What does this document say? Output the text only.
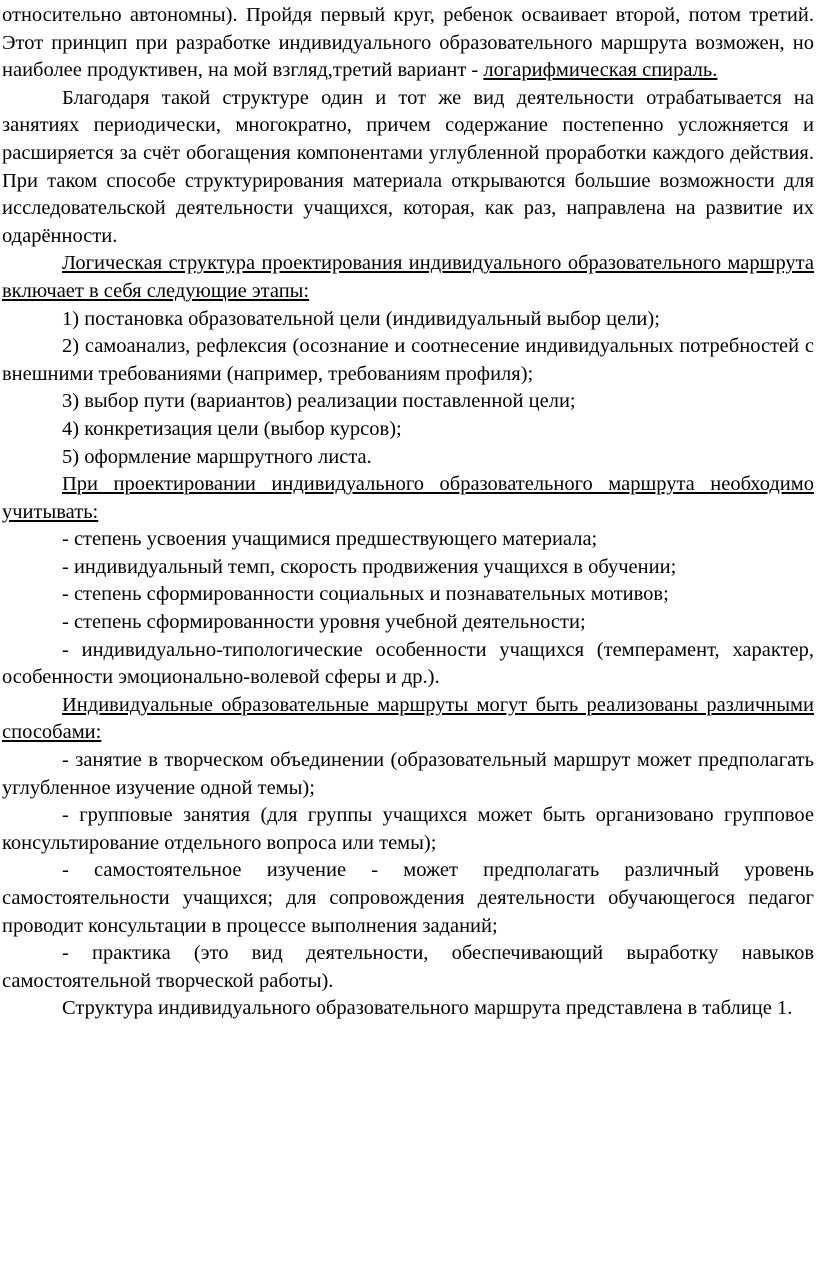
относительно автономны). Пройдя первый круг, ребенок осваивает второй, потом третий. Этот принцип при разработке индивидуального образовательного маршрута возможен, но наиболее продуктивен, на мой взгляд,третий вариант - логарифмическая спираль.

Благодаря такой структуре один и тот же вид деятельности отрабатывается на занятиях периодически, многократно, причем содержание постепенно усложняется и расширяется за счёт обогащения компонентами углубленной проработки каждого действия. При таком способе структурирования материала открываются большие возможности для исследовательской деятельности учащихся, которая, как раз, направлена на развитие их одарённости.

Логическая структура проектирования индивидуального образовательного маршрута включает в себя следующие этапы:

1) постановка образовательной цели (индивидуальный выбор цели);

2) самоанализ, рефлексия (осознание и соотнесение индивидуальных потребностей с внешними требованиями (например, требованиям профиля);

3) выбор пути (вариантов) реализации поставленной цели;

4) конкретизация цели (выбор курсов);

5) оформление маршрутного листа.

При проектировании индивидуального образовательного маршрута необходимо учитывать:

- степень усвоения учащимися предшествующего материала;

- индивидуальный темп, скорость продвижения учащихся в обучении;

- степень сформированности социальных и познавательных мотивов;

- степень сформированности уровня учебной деятельности;

- индивидуально-типологические особенности учащихся (темперамент, характер, особенности эмоционально-волевой сферы и др.).

Индивидуальные образовательные маршруты могут быть реализованы различными способами:

- занятие в творческом объединении (образовательный маршрут может предполагать углубленное изучение одной темы);

- групповые занятия (для группы учащихся может быть организовано групповое консультирование отдельного вопроса или темы);

- самостоятельное изучение - может предполагать различный уровень самостоятельности учащихся; для сопровождения деятельности обучающегося педагог проводит консультации в процессе выполнения заданий;

- практика (это вид деятельности, обеспечивающий выработку навыков самостоятельной творческой работы).

Структура индивидуального образовательного маршрута представлена в таблице 1.
